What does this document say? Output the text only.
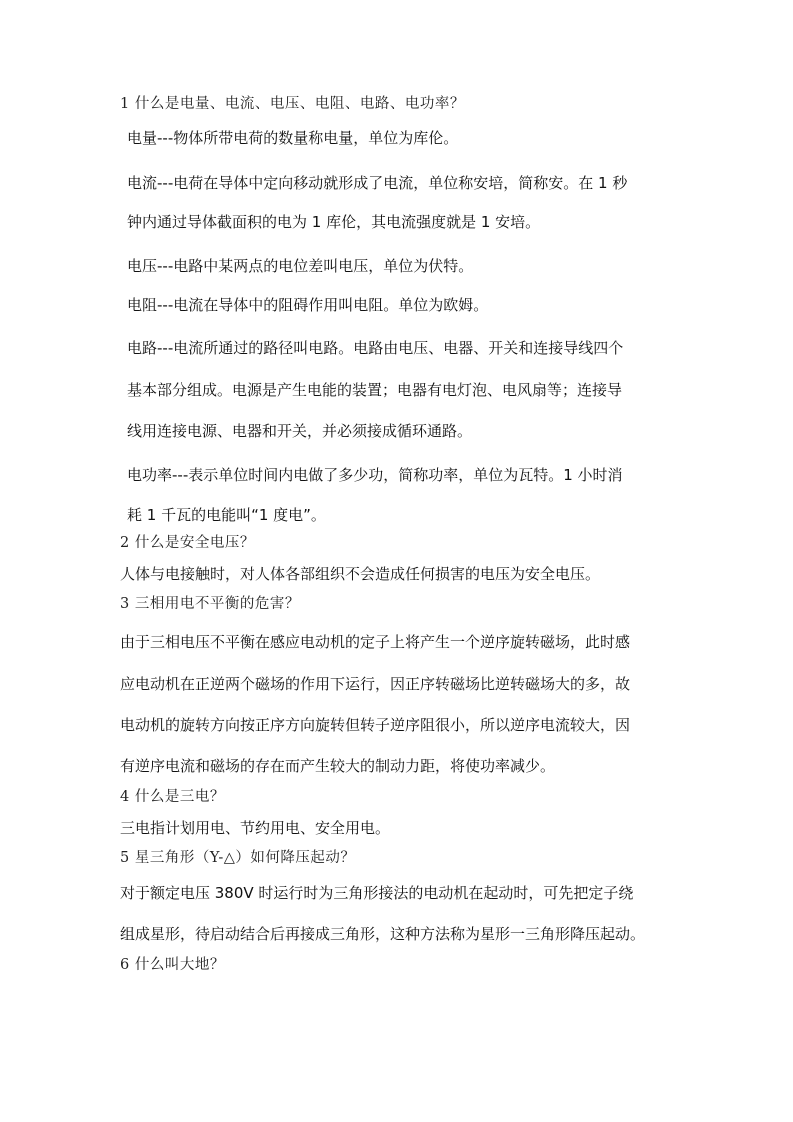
1 什么是电量、电流、电压、电阻、电路、电功率？
电量---物体所带电荷的数量称电量，单位为库伦。
电流---电荷在导体中定向移动就形成了电流，单位称安培，简称安。在 1 秒
钟内通过导体截面积的电为 1 库伦，其电流强度就是 1 安培。
电压---电路中某两点的电位差叫电压，单位为伏特。
电阻---电流在导体中的阻碍作用叫电阻。单位为欧姆。
电路---电流所通过的路径叫电路。电路由电压、电器、开关和连接导线四个
基本部分组成。电源是产生电能的装置；电器有电灯泡、电风扇等；连接导
线用连接电源、电器和开关，并必须接成循环通路。
电功率---表示单位时间内电做了多少功，简称功率，单位为瓦特。1 小时消
耗 1 千瓦的电能叫“1 度电”。
2 什么是安全电压？
人体与电接触时，对人体各部组织不会造成任何损害的电压为安全电压。
3 三相用电不平衡的危害？
由于三相电压不平衡在感应电动机的定子上将产生一个逆序旋转磁场，此时感
应电动机在正逆两个磁场的作用下运行，因正序转磁场比逆转磁场大的多，故
电动机的旋转方向按正序方向旋转但转子逆序阻很小，所以逆序电流较大，因
有逆序电流和磁场的存在而产生较大的制动力距，将使功率减少。
4 什么是三电？
三电指计划用电、节约用电、安全用电。
5 星三角形（Y-△）如何降压起动？
对于额定电压 380V 时运行时为三角形接法的电动机在起动时，可先把定子绕
组成星形，待启动结合后再接成三角形，这种方法称为星形一三角形降压起动。
6 什么叫大地？
